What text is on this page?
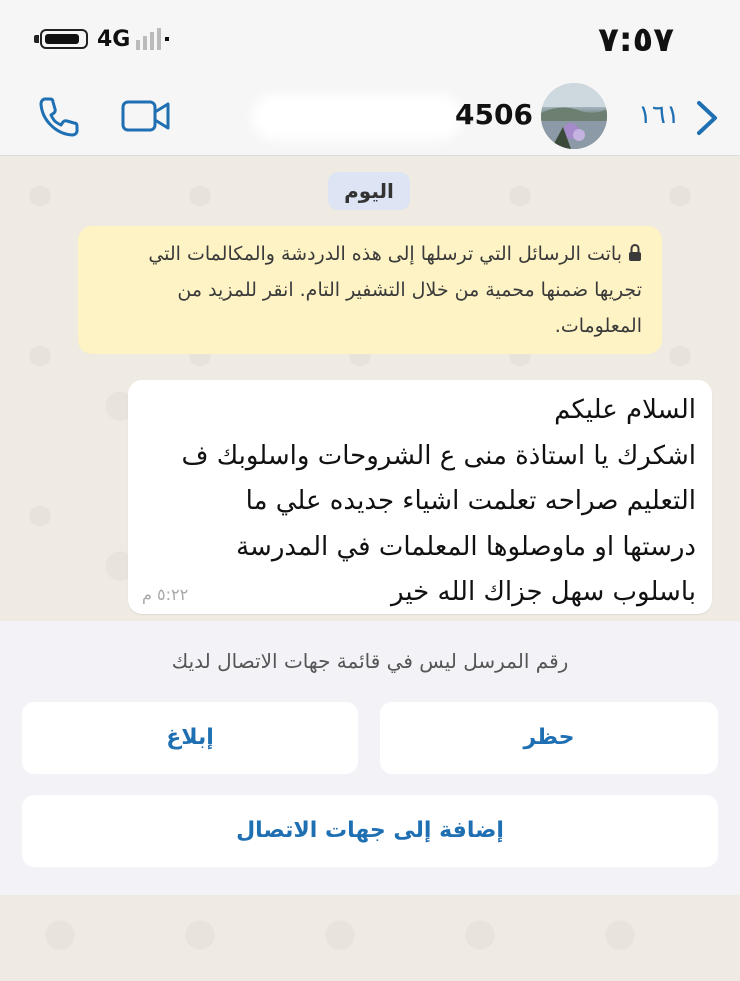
4G	٧:٥٧
4506	١٦١
اليوم
باتت الرسائل التي ترسلها إلى هذه الدردشة والمكالمات التي تجريها ضمنها محمية من خلال التشفير التام. انقر للمزيد من المعلومات.
السلام عليكم
اشكرك يا استاذة منى ع الشروحات واسلوبك ف
التعليم صراحه تعلمت اشياء جديده علي ما
درستها او ماوصلوها المعلمات في المدرسة
باسلوب سهل جزاك الله خير
٥:٢٢ م
رقم المرسل ليس في قائمة جهات الاتصال لديك
إبلاغ	حظر
إضافة إلى جهات الاتصال
